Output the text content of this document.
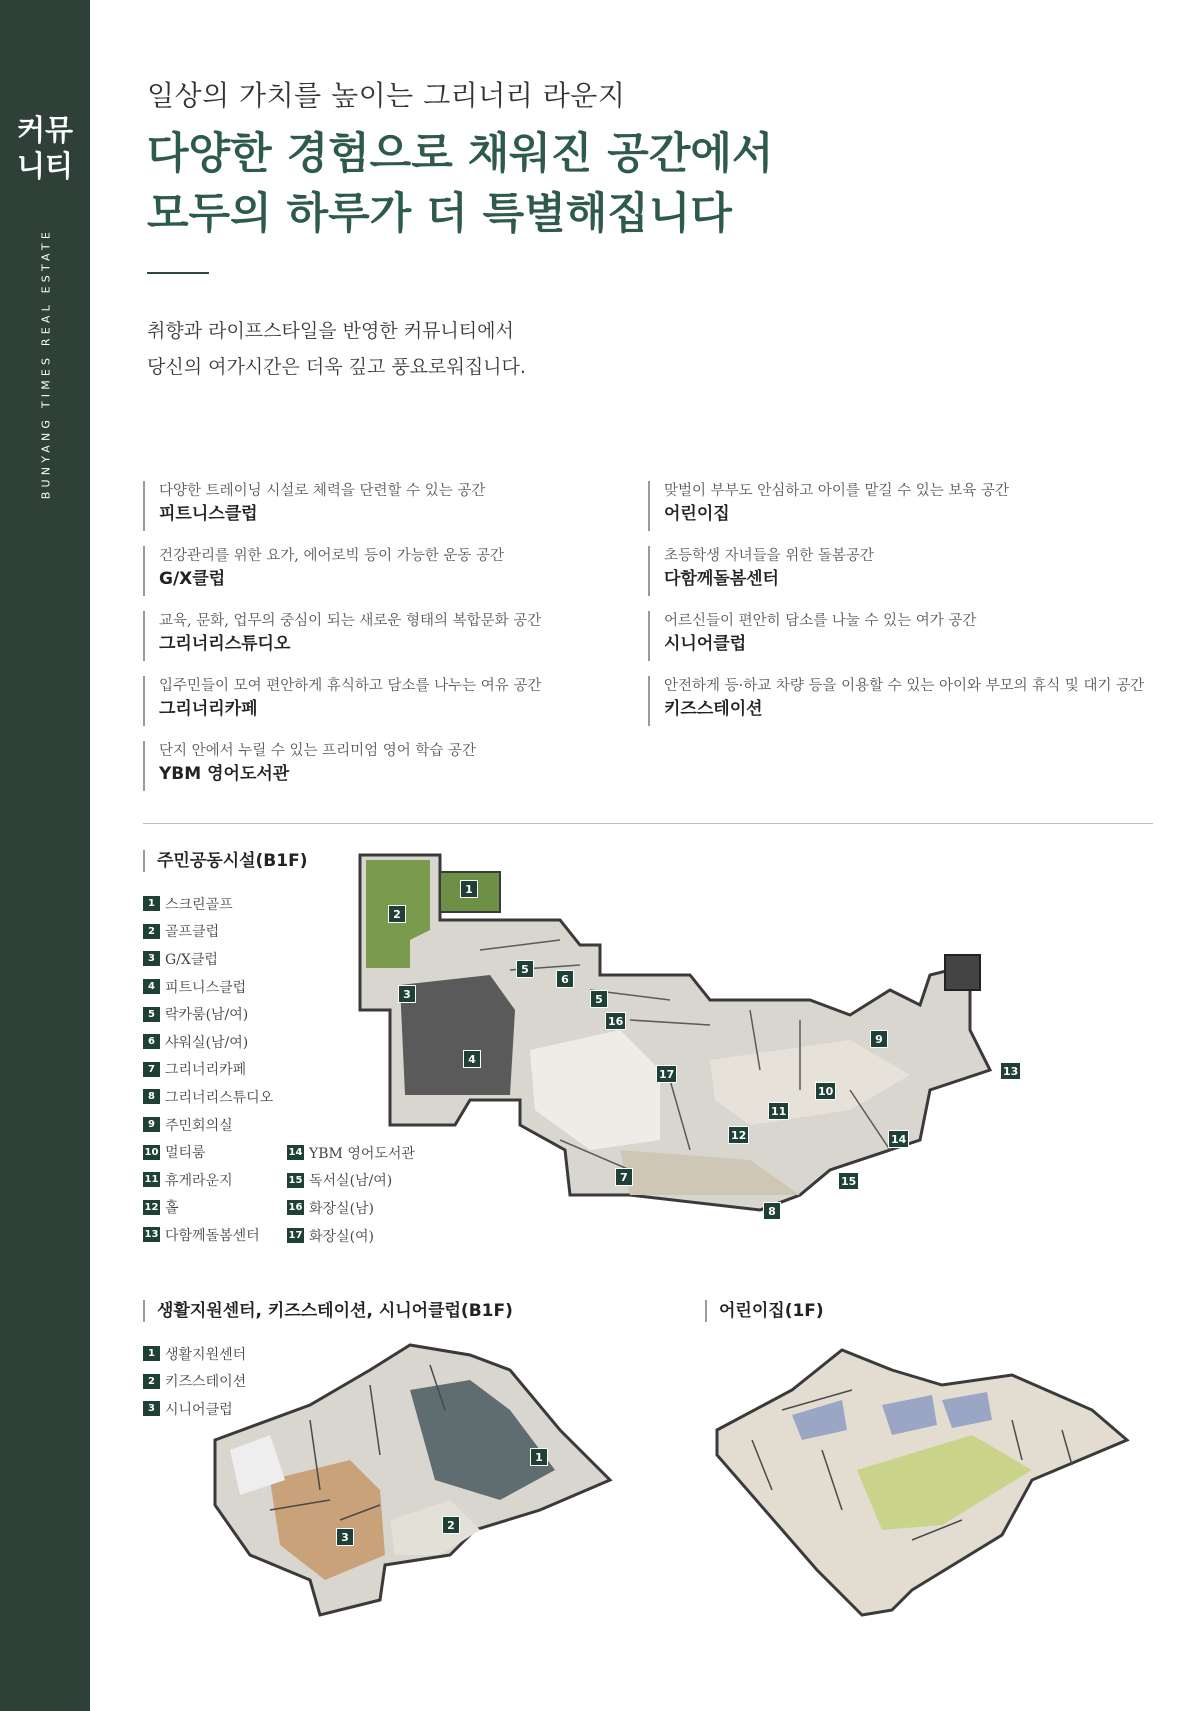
커뮤
니티
BUNYANG TIMES REAL ESTATE
일상의 가치를 높이는 그리너리 라운지
다양한 경험으로 채워진 공간에서
모두의 하루가 더 특별해집니다
취향과 라이프스타일을 반영한 커뮤니티에서
당신의 여가시간은 더욱 깊고 풍요로워집니다.
다양한 트레이닝 시설로 체력을 단련할 수 있는 공간
피트니스클럽
건강관리를 위한 요가, 에어로빅 등이 가능한 운동 공간
G/X클럽
교육, 문화, 업무의 중심이 되는 새로운 형태의 복합문화 공간
그리너리스튜디오
입주민들이 모여 편안하게 휴식하고 담소를 나누는 여유 공간
그리너리카페
단지 안에서 누릴 수 있는 프리미엄 영어 학습 공간
YBM 영어도서관
맞벌이 부부도 안심하고 아이를 맡길 수 있는 보육 공간
어린이집
초등학생 자녀들을 위한 돌봄공간
다함께돌봄센터
어르신들이 편안히 담소를 나눌 수 있는 여가 공간
시니어클럽
안전하게 등·하교 차량 등을 이용할 수 있는 아이와 부모의 휴식 및 대기 공간
키즈스테이션
주민공동시설(B1F)
1 스크린골프
2 골프클럽
3 G/X클럽
4 피트니스클럽
5 락카룸(남/여)
6 샤워실(남/여)
7 그리너리카페
8 그리너리스튜디오
9 주민회의실
10 멀티룸
11 휴게라운지
12 홀
13 다함께돌봄센터
14 YBM 영어도서관
15 독서실(남/여)
16 화장실(남)
17 화장실(여)
1
2
3
4
5
6
5
16
17
9
10
11
12
13
14
15
7
8
생활지원센터, 키즈스테이션, 시니어클럽(B1F)
1 생활지원센터
2 키즈스테이션
3 시니어클럽
1
2
3
어린이집(1F)
